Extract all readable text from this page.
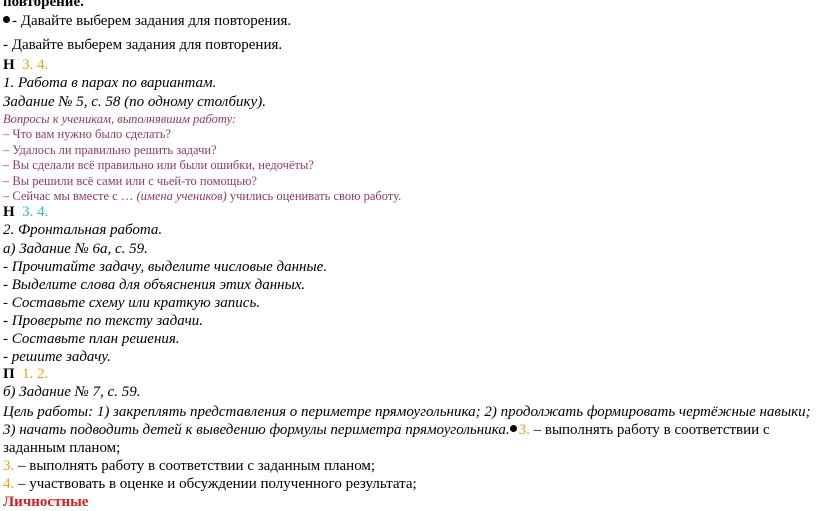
повторение.
- Давайте выберем задания для повторения.
- Давайте выберем задания для повторения.
Н 3. 4.
1. Работа в парах по вариантам.
Задание № 5, с. 58 (по одному столбику).
Вопросы к ученикам, выполнявшим работу:
– Что вам нужно было сделать?
– Удалось ли правильно решить задачи?
– Вы сделали всё правильно или были ошибки, недочёты?
– Вы решили всё сами или с чьей-то помощью?
– Сейчас мы вместе с … (имена учеников) учились оценивать свою работу.
Н 3. 4.
2. Фронтальная работа.
а) Задание № 6а, с. 59.
- Прочитайте задачу, выделите числовые данные.
- Выделите слова для объяснения этих данных.
- Составьте схему или краткую запись.
- Проверьте по тексту задачи.
- Составьте план решения.
- решите задачу.
П 1. 2.
б) Задание № 7, с. 59.
Цель работы: 1) закреплять представления о периметре прямоугольника; 2) продолжать формировать чертёжные навыки; 3) начать подводить детей к выведению формулы периметра прямоугольника. 3. – выполнять работу в соответствии с заданным планом;
3. – выполнять работу в соответствии с заданным планом;
4. – участвовать в оценке и обсуждении полученного результата;
Личностные
